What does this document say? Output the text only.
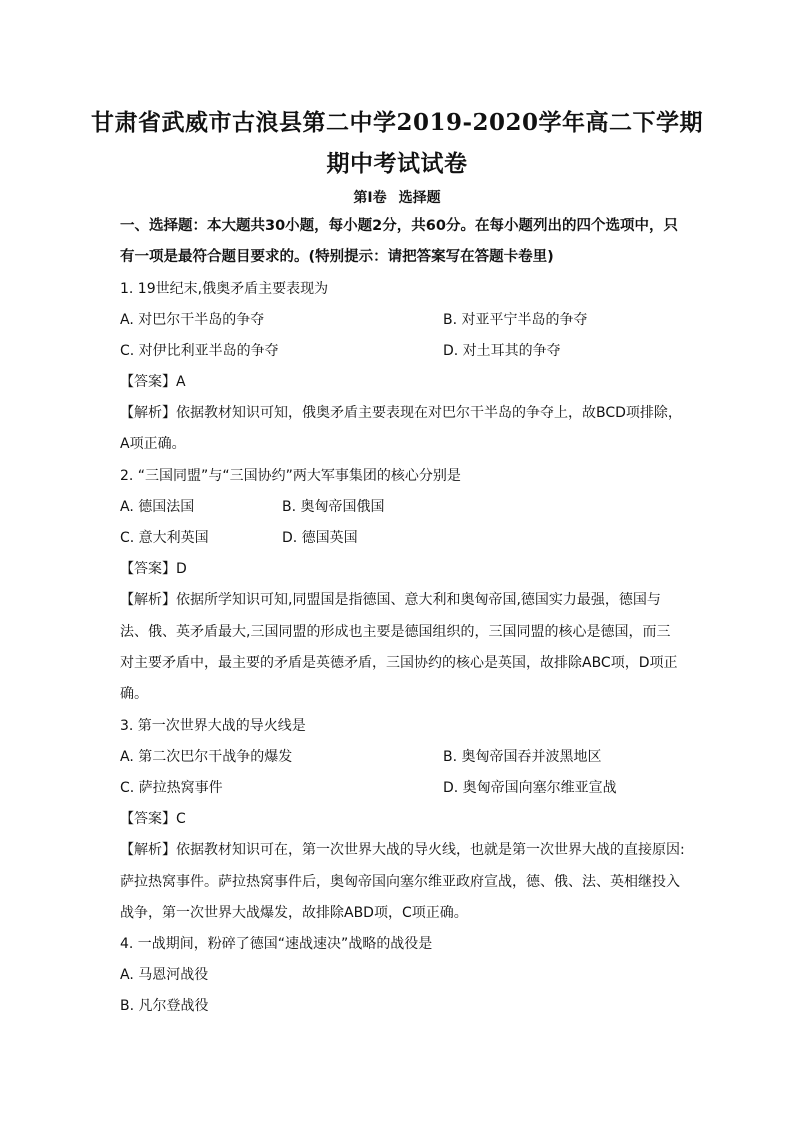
甘肃省武威市古浪县第二中学2019-2020学年高二下学期
期中考试试卷
第Ⅰ卷 选择题
一、选择题：本大题共30小题，每小题2分，共60分。在每小题列出的四个选项中，只
有一项是最符合题目要求的。(特别提示：请把答案写在答题卡卷里)
1. 19世纪末,俄奥矛盾主要表现为
A. 对巴尔干半岛的争夺	B. 对亚平宁半岛的争夺
C. 对伊比利亚半岛的争夺	D. 对土耳其的争夺
【答案】A
【解析】依据教材知识可知，俄奥矛盾主要表现在对巴尔干半岛的争夺上，故BCD项排除，
A项正确。
2. “三国同盟”与“三国协约”两大军事集团的核心分别是
A. 德国法国	B. 奥匈帝国俄国
C. 意大利英国	D. 德国英国
【答案】D
【解析】依据所学知识可知,同盟国是指德国、意大利和奥匈帝国,德国实力最强，德国与
法、俄、英矛盾最大,三国同盟的形成也主要是德国组织的，三国同盟的核心是德国，而三
对主要矛盾中，最主要的矛盾是英德矛盾，三国协约的核心是英国，故排除ABC项，D项正
确。
3. 第一次世界大战的导火线是
A. 第二次巴尔干战争的爆发	B. 奥匈帝国吞并波黑地区
C. 萨拉热窝事件	D. 奥匈帝国向塞尔维亚宣战
【答案】C
【解析】依据教材知识可在，第一次世界大战的导火线，也就是第一次世界大战的直接原因:
萨拉热窝事件。萨拉热窝事件后，奥匈帝国向塞尔维亚政府宣战，德、俄、法、英相继投入
战争，第一次世界大战爆发，故排除ABD项，C项正确。
4. 一战期间，粉碎了德国“速战速决”战略的战役是
A. 马恩河战役
B. 凡尔登战役
